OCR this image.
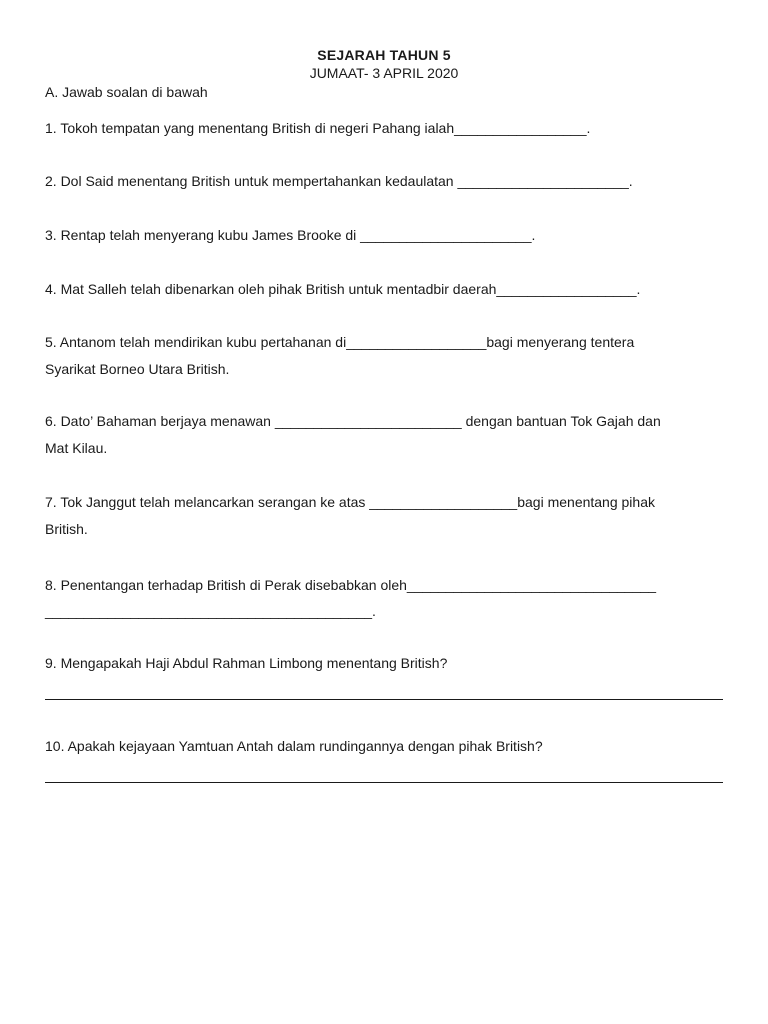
SEJARAH TAHUN 5
JUMAAT- 3 APRIL 2020
A. Jawab soalan di bawah
1. Tokoh tempatan yang menentang British di negeri Pahang ialah_________________.
2. Dol Said menentang British untuk mempertahankan kedaulatan ______________________.
3. Rentap telah menyerang kubu James Brooke di ______________________.
4. Mat Salleh telah dibenarkan oleh pihak British untuk mentadbir daerah__________________.
5. Antanom telah mendirikan kubu pertahanan di__________________bagi menyerang tentera
Syarikat Borneo Utara British.
6. Dato’ Bahaman berjaya menawan ________________________ dengan bantuan Tok Gajah dan
Mat Kilau.
7. Tok Janggut telah melancarkan serangan ke atas ___________________bagi menentang pihak
British.
8. Penentangan terhadap British di Perak disebabkan oleh________________________________
__________________________________________.
9. Mengapakah Haji Abdul Rahman Limbong menentang British?
10. Apakah kejayaan Yamtuan Antah dalam rundingannya dengan pihak British?
